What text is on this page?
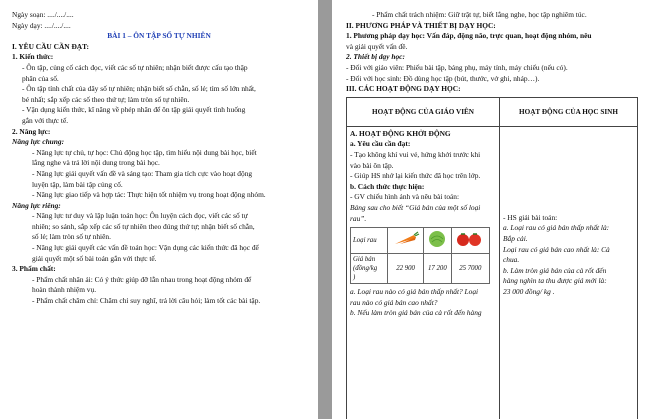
Ngày soạn: ..../..../....
Ngày dạy: ..../..../....
BÀI 1 – ÔN TẬP SỐ TỰ NHIÊN
I. YÊU CẦU CẦN ĐẠT:
1. Kiến thức:
- Ôn tập, củng cố cách đọc, viết các số tự nhiên; nhận biết được cấu tạo thập
phân của số.
- Ôn tập tính chất của dãy số tự nhiên; nhận biết số chẵn, số lẻ; tìm số lớn nhất,
bé nhất; sắp xếp các số theo thứ tự; làm tròn số tự nhiên.
- Vận dụng kiến thức, kĩ năng về phép nhân để ôn tập giải quyết tình huống
gắn với thực tế.
2. Năng lực:
Năng lực chung:
- Năng lực tự chủ, tự học: Chủ động học tập, tìm hiểu nội dung bài học, biết
lắng nghe và trả lời nội dung trong bài học.
- Năng lực giải quyết vấn đề và sáng tạo: Tham gia tích cực vào hoạt động
luyện tập, làm bài tập củng cố.
- Năng lực giao tiếp và hợp tác: Thực hiện tốt nhiệm vụ trong hoạt động nhóm.
Năng lực riêng:
- Năng lực tư duy và lập luận toán học: Ôn luyện cách đọc, viết các số tự
nhiên; so sánh, sắp xếp các số tự nhiên theo đúng thứ tự; nhận biết số chẵn,
số lẻ; làm tròn số tự nhiên.
- Năng lực giải quyết các vấn đề toán học: Vận dụng các kiến thức đã học để
giải quyết một số bài toán gắn với thực tế.
3. Phẩm chất:
- Phẩm chất nhân ái: Có ý thức giúp đỡ lẫn nhau trong hoạt động nhóm để
hoàn thành nhiệm vụ.
- Phẩm chất chăm chỉ: Chăm chỉ suy nghĩ, trả lời câu hỏi; làm tốt các bài tập.
- Phẩm chất trách nhiệm: Giữ trật tự, biết lắng nghe, học tập nghiêm túc.
II. PHƯƠNG PHÁP VÀ THIẾT BỊ DẠY HỌC:
1. Phương pháp dạy học: Vấn đáp, động não, trực quan, hoạt động nhóm, nêu
và giải quyết vấn đề.
2. Thiết bị dạy học:
- Đối với giáo viên: Phiếu bài tập, bảng phụ, máy tính, máy chiếu (nếu có).
- Đối với học sinh: Đồ dùng học tập (bút, thước, vở ghi, nháp…).
III. CÁC HOẠT ĐỘNG DẠY HỌC:
HOẠT ĐỘNG CỦA GIÁO VIÊN	HOẠT ĐỘNG CỦA HỌC SINH

A. HOẠT ĐỘNG KHỞI ĐỘNG
a. Yêu cầu cần đạt:
- Tạo không khí vui vẻ, hứng khởi trước khi
vào bài ôn tập.
- Giúp HS nhớ lại kiến thức đã học trên lớp.
b. Cách thức thực hiện:
- GV chiếu hình ảnh và nêu bài toán:
Bảng sau cho biết “Giá bán của một số loại
rau”.
Loại rau			

Giá bán
(đồng/kg
)
	22 900	17 200	25 7000
a. Loại rau nào có giá bán thấp nhất? Loại
rau nào có giá bán cao nhất?
b. Nếu làm tròn giá bán của cà rốt đến hàng

- HS giải bài toán:
a. Loại rau có giá bán thấp nhất là:
Bắp cải.
Loại rau có giá bán cao nhất là: Cà
chua.
b. Làm tròn giá bán của cà rốt đến
hàng nghìn ta thu được giá mới là:
23 000 đồng/ kg .
